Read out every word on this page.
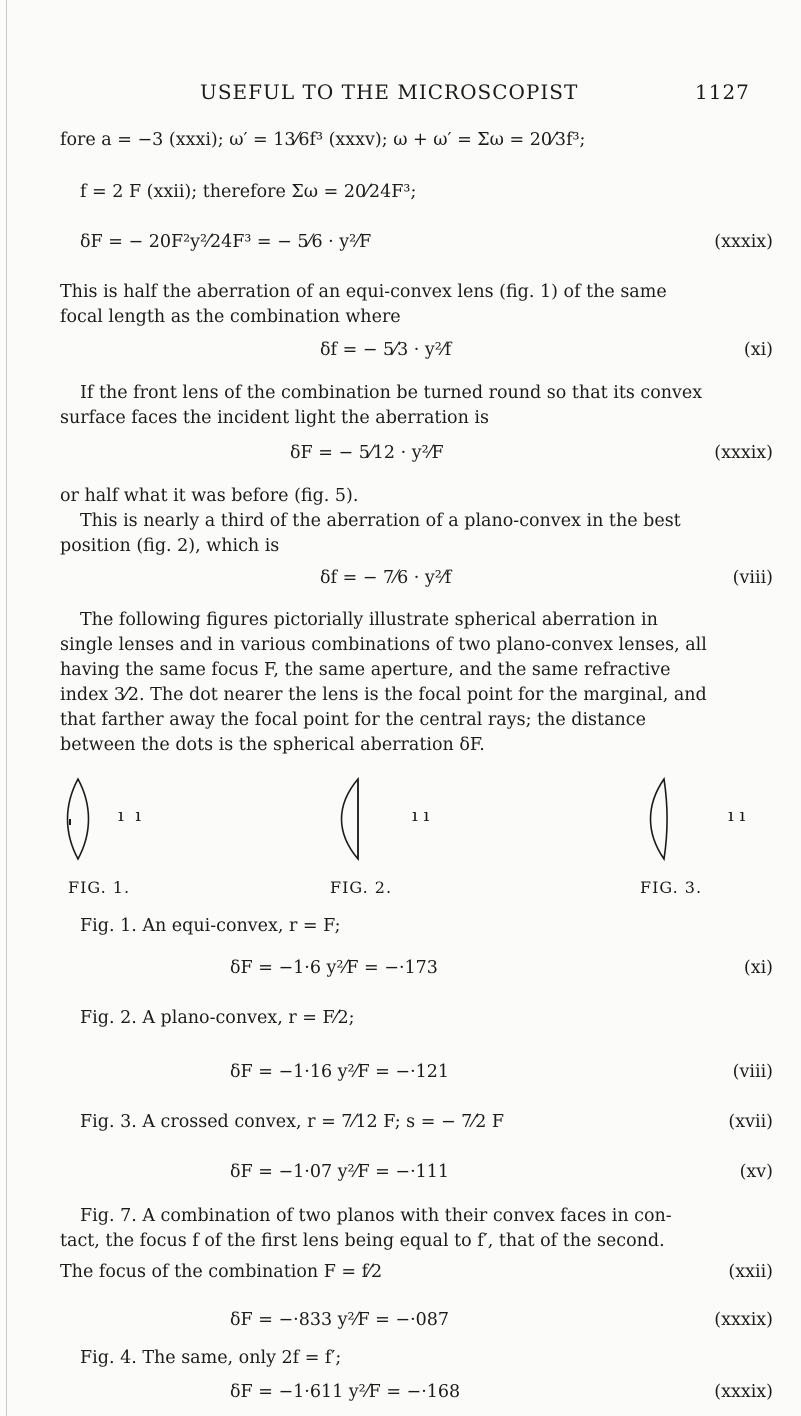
USEFUL TO THE MICROSCOPIST	1127
fore a = −3 (xxxi); ω′ = 13⁄6f³ (xxxv); ω + ω′ = Σω = 20⁄3f³;
f = 2 F (xxii); therefore Σω = 20⁄24F³;
δF = − 20F²y²⁄24F³ = − 5⁄6 · y²⁄F	(xxxix)
This is half the aberration of an equi-convex lens (fig. 1) of the same
focal length as the combination where
δf = − 5⁄3 · y²⁄f	(xi)
If the front lens of the combination be turned round so that its convex
surface faces the incident light the aberration is
δF = − 5⁄12 · y²⁄F	(xxxix)
or half what it was before (fig. 5).
This is nearly a third of the aberration of a plano-convex in the best
position (fig. 2), which is
δf = − 7⁄6 · y²⁄f	(viii)
The following figures pictorially illustrate spherical aberration in
single lenses and in various combinations of two plano-convex lenses, all
having the same focus F, the same aperture, and the same refractive
index 3⁄2. The dot nearer the lens is the focal point for the marginal, and
that farther away the focal point for the central rays; the distance
between the dots is the spherical aberration δF.
ı  ı	ı ı	ı ı
FIG. 1.	FIG. 2.	FIG. 3.
Fig. 1. An equi-convex, r = F;
δF = −1·6 y²⁄F = −·173	(xi)
Fig. 2. A plano-convex, r = F⁄2;
δF = −1·16 y²⁄F = −·121	(viii)
Fig. 3. A crossed convex, r = 7⁄12 F; s = − 7⁄2 F	(xvii)
δF = −1·07 y²⁄F = −·111	(xv)
Fig. 7. A combination of two planos with their convex faces in con-
tact, the focus f of the first lens being equal to f′, that of the second.
The focus of the combination F = f⁄2	(xxii)
δF = −·833 y²⁄F = −·087	(xxxix)
Fig. 4. The same, only 2f = f′;
δF = −1·611 y²⁄F = −·168	(xxxix)
